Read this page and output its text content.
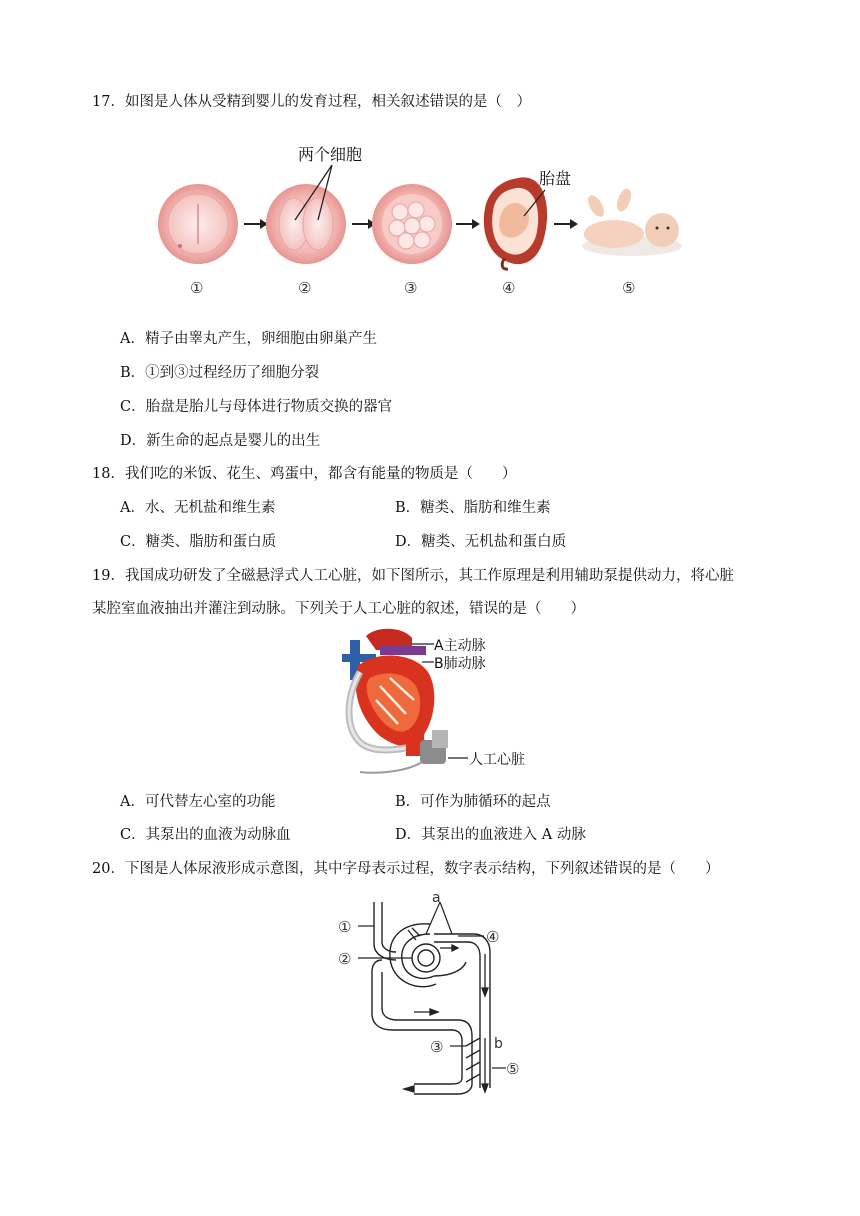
17．如图是人体从受精到婴儿的发育过程，相关叙述错误的是（　）
胎盘
两个细胞
①	②	③	④	⑤
A．精子由睾丸产生，卵细胞由卵巢产生
B．①到③过程经历了细胞分裂
C．胎盘是胎儿与母体进行物质交换的器官
D．新生命的起点是婴儿的出生
18．我们吃的米饭、花生、鸡蛋中，都含有能量的物质是（　　）
A．水、无机盐和维生素	B．糖类、脂肪和维生素
C．糖类、脂肪和蛋白质	D．糖类、无机盐和蛋白质
19．我国成功研发了全磁悬浮式人工心脏，如下图所示，其工作原理是利用辅助泵提供动力，将心脏
某腔室血液抽出并灌注到动脉。下列关于人工心脏的叙述，错误的是（　　）
A主动脉
B肺动脉
人工心脏
A．可代替左心室的功能	B．可作为肺循环的起点
C．其泵出的血液为动脉血	D．其泵出的血液进入 A 动脉
20．下图是人体尿液形成示意图，其中字母表示过程，数字表示结构，下列叙述错误的是（　　）
①
②
a
④
③	b
⑤
